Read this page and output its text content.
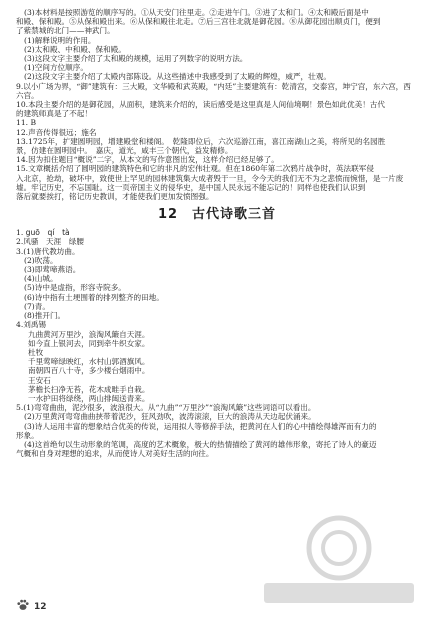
(3)本材料是按照游览的顺序写的。①从天安门往里走。②走进午门。③进了太和门。④太和殿后面是中
和殿、保和殿。⑤从保和殿出来。⑥从保和殿往北走。⑦后三宫往北就是御花园。⑧从御花园出顺贞门，便到
了紫禁城的北门——神武门。
(1)解释说明的作用。
(2)太和殿、中和殿、保和殿。
(3)这段文字主要介绍了太和殿的规模，运用了列数字的说明方法。
(1)空间方位顺序。
(2)这段文字主要介绍了太殿内部陈设。从这些描述中我感受到了太殿的辉煌，威严，壮观。
9.以小广场为界，“御”建筑有：三大殿，文华殿和武英殿，“内廷”主要建筑有：乾清宫，交泰宫，坤宁宫，东六宫，西
六宫。
10.本段主要介绍的是御花园，从面积，建筑来介绍的，读后感受是这里真是人间仙境啊！景色如此优美！古代
的建筑师真是了不起！
11. B
12.声音传得很远；施名
13.1725年，扩建圆明园，增建殿堂和楼阁。　乾隆即位后，六次巡游江南，喜江南湖山之美，将所见的名园胜
景，仿建在圆明园中。　嘉庆，道光，咸丰三个朝代，益发精修。
14.因为扣住题目“概说”二字，从本文的写作意图出发，这样介绍已经足够了。
15.文章概括介绍了圆明园的建筑特色和它的非凡的宏伟壮观。但在1860年第二次鸦片战争时，英法联军侵
入北京，抢劫，破坏中，致使世上罕见的园林建筑集大成者毁于一旦，令今天的我们无不为之悲愤而惋惜，是一片废
墟。牢记历史，不忘国耻。这一页帝国主义的侵华史，是中国人民永远不能忘记的！同样也使我们认识到
落后就要挨打，铭记历史教训，才能使我们更加发愤图强。
12　古代诗歌三首
1. guō　qí　tà
2.风骚　天涯　绿腰
3.(1)唐代教坊曲。
(2)吹荡。
(3)即莺啼燕语。
(4)山城。
(5)诗中是虚指，形容寺院多。
(6)诗中指有土埂围着的排列整齐的田地。
(7)青。
(8)推开门。
4.刘禹锡
九曲黄河万里沙，浪淘风簸自天涯。
如今直上银河去，同到牵牛织女家。
杜牧
千里莺啼绿映红，水村山郭酒旗风。
南朝四百八十寺，多少楼台烟雨中。
王安石
茅檐长扫净无苔，花木成畦手自栽。
一水护田将绿绕，两山排闼送青来。
5.(1)弯弯曲曲，泥沙很多，波浪很大。从“九曲”“万里沙”“浪淘风簸”这些词语可以看出。
(2)万里黄河弯弯曲曲挟带着泥沙，狂风劲吹，波涛滚滚，巨大的浪涛从天边起伏涌来。
(3)诗人运用丰富的想象结合优美的传说，运用拟人等修辞手法，把黄河在人们的心中描绘得雄浑而有力的
形象。
(4)这首绝句以生动形象的笔调，高度的艺术概象，极大的热情描绘了黄河的雄伟形象，寄托了诗人的豪迈
气概和自身对理想的追求，从而使诗人对美好生活的向往。
12
